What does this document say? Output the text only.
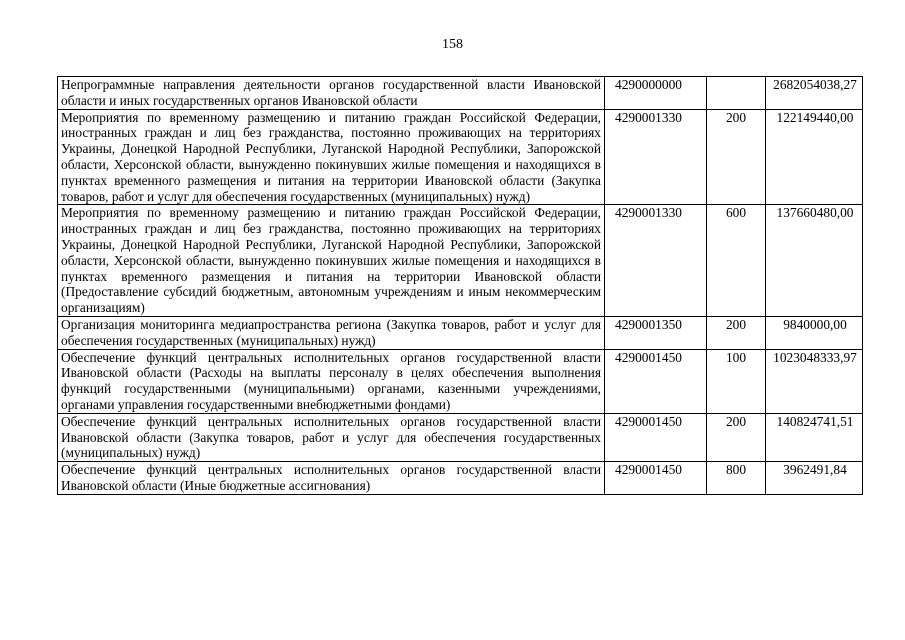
158
Непрограммные направления деятельности органов государственной власти Ивановской области и иных государственных органов Ивановской области	4290000000		2682054038,27
Мероприятия по временному размещению и питанию граждан Российской Федерации, иностранных граждан и лиц без гражданства, постоянно проживающих на территориях Украины, Донецкой Народной Республики, Луганской Народной Республики, Запорожской области, Херсонской области, вынужденно покинувших жилые помещения и находящихся в пунктах временного размещения и питания на территории Ивановской области (Закупка товаров, работ и услуг для обеспечения государственных (муниципальных) нужд)	4290001330	200	122149440,00
Мероприятия по временному размещению и питанию граждан Российской Федерации, иностранных граждан и лиц без гражданства, постоянно проживающих на территориях Украины, Донецкой Народной Республики, Луганской Народной Республики, Запорожской области, Херсонской области, вынужденно покинувших жилые помещения и находящихся в пунктах временного размещения и питания на территории Ивановской области (Предоставление субсидий бюджетным, автономным учреждениям и иным некоммерческим организациям)	4290001330	600	137660480,00
Организация мониторинга медиапространства региона (Закупка товаров, работ и услуг для обеспечения государственных (муниципальных) нужд)	4290001350	200	9840000,00
Обеспечение функций центральных исполнительных органов государственной власти Ивановской области (Расходы на выплаты персоналу в целях обеспечения выполнения функций государственными (муниципальными) органами, казенными учреждениями, органами управления государственными внебюджетными фондами)	4290001450	100	1023048333,97
Обеспечение функций центральных исполнительных органов государственной власти Ивановской области (Закупка товаров, работ и услуг для обеспечения государственных (муниципальных) нужд)	4290001450	200	140824741,51
Обеспечение функций центральных исполнительных органов государственной власти Ивановской области (Иные бюджетные ассигнования)	4290001450	800	3962491,84
